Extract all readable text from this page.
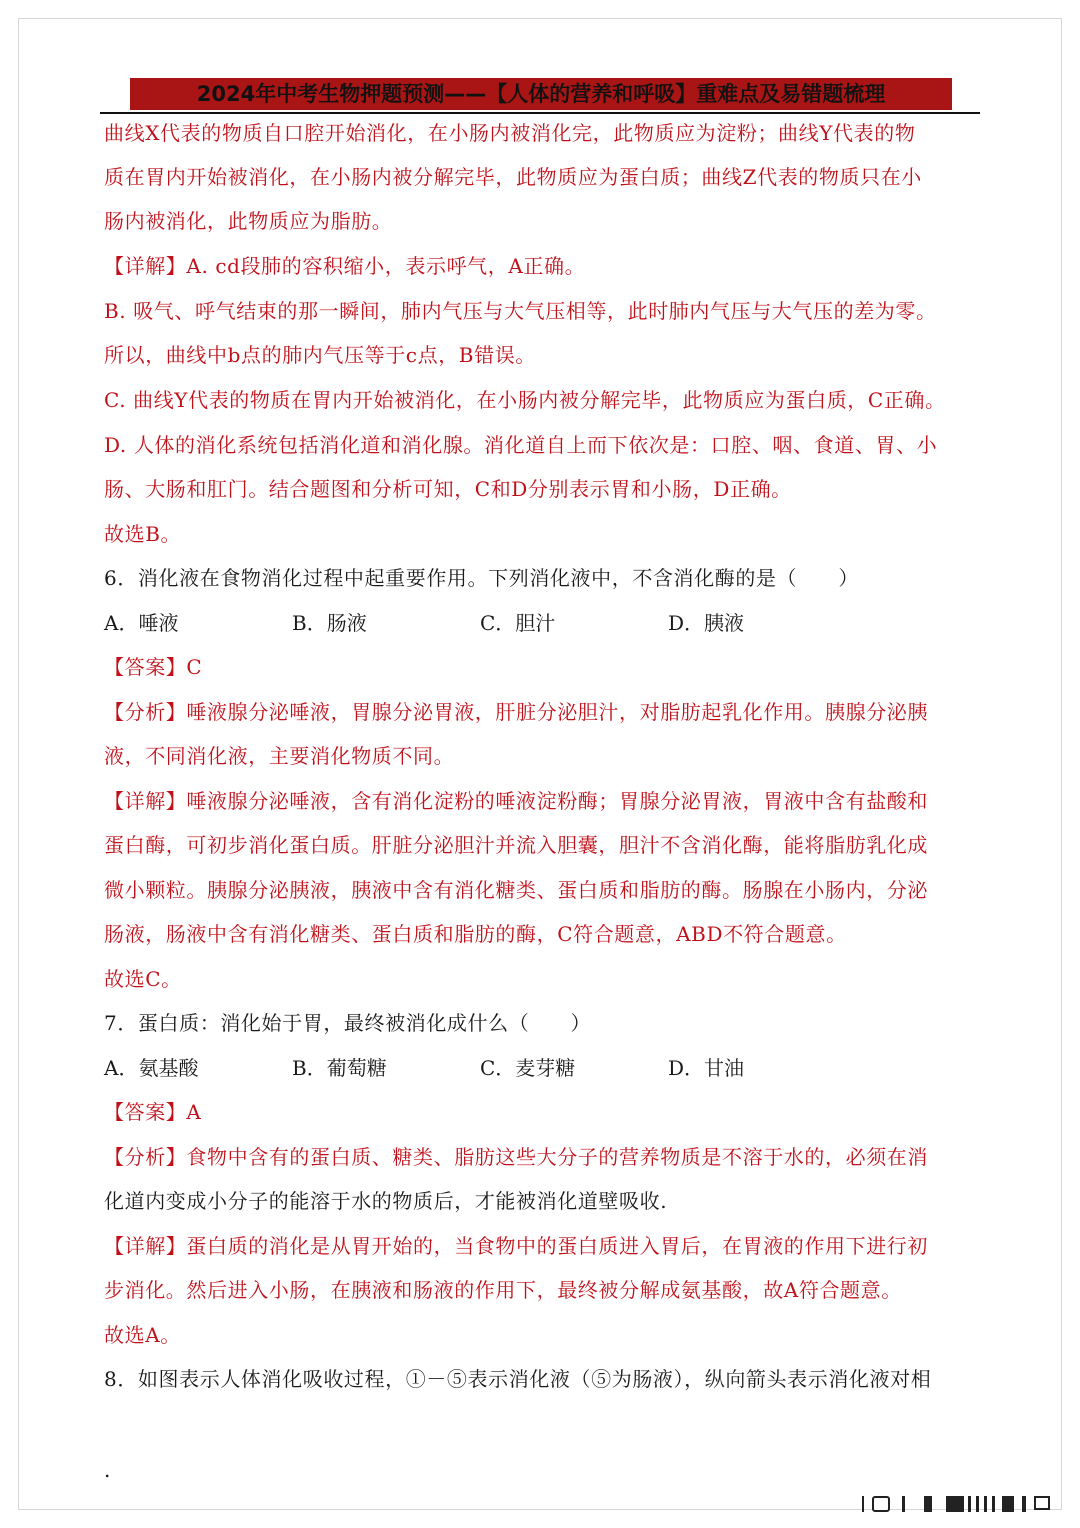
2024年中考生物押题预测——【人体的营养和呼吸】重难点及易错题梳理
曲线X代表的物质自口腔开始消化，在小肠内被消化完，此物质应为淀粉；曲线Y代表的物
质在胃内开始被消化，在小肠内被分解完毕，此物质应为蛋白质；曲线Z代表的物质只在小
肠内被消化，此物质应为脂肪。
【详解】A. cd段肺的容积缩小，表示呼气，A正确。
B. 吸气、呼气结束的那一瞬间，肺内气压与大气压相等，此时肺内气压与大气压的差为零。
所以，曲线中b点的肺内气压等于c点，B错误。
C. 曲线Y代表的物质在胃内开始被消化，在小肠内被分解完毕，此物质应为蛋白质，C正确。
D. 人体的消化系统包括消化道和消化腺。消化道自上而下依次是：口腔、咽、食道、胃、小
肠、大肠和肛门。结合题图和分析可知，C和D分别表示胃和小肠，D正确。
故选B。
6．消化液在食物消化过程中起重要作用。下列消化液中，不含消化酶的是（　　）
A．唾液	B．肠液	C．胆汁	D．胰液
【答案】C
【分析】唾液腺分泌唾液，胃腺分泌胃液，肝脏分泌胆汁，对脂肪起乳化作用。胰腺分泌胰
液，不同消化液，主要消化物质不同。
【详解】唾液腺分泌唾液，含有消化淀粉的唾液淀粉酶；胃腺分泌胃液，胃液中含有盐酸和
蛋白酶，可初步消化蛋白质。肝脏分泌胆汁并流入胆囊，胆汁不含消化酶，能将脂肪乳化成
微小颗粒。胰腺分泌胰液，胰液中含有消化糖类、蛋白质和脂肪的酶。肠腺在小肠内，分泌
肠液，肠液中含有消化糖类、蛋白质和脂肪的酶，C符合题意，ABD不符合题意。
故选C。
7．蛋白质：消化始于胃，最终被消化成什么（　　）
A．氨基酸	B．葡萄糖	C．麦芽糖	D．甘油
【答案】A
【分析】食物中含有的蛋白质、糖类、脂肪这些大分子的营养物质是不溶于水的，必须在消
化道内变成小分子的能溶于水的物质后，才能被消化道壁吸收.
【详解】蛋白质的消化是从胃开始的，当食物中的蛋白质进入胃后，在胃液的作用下进行初
步消化。然后进入小肠，在胰液和肠液的作用下，最终被分解成氨基酸，故A符合题意。
故选A。
8．如图表示人体消化吸收过程，①－⑤表示消化液（⑤为肠液），纵向箭头表示消化液对相
.
